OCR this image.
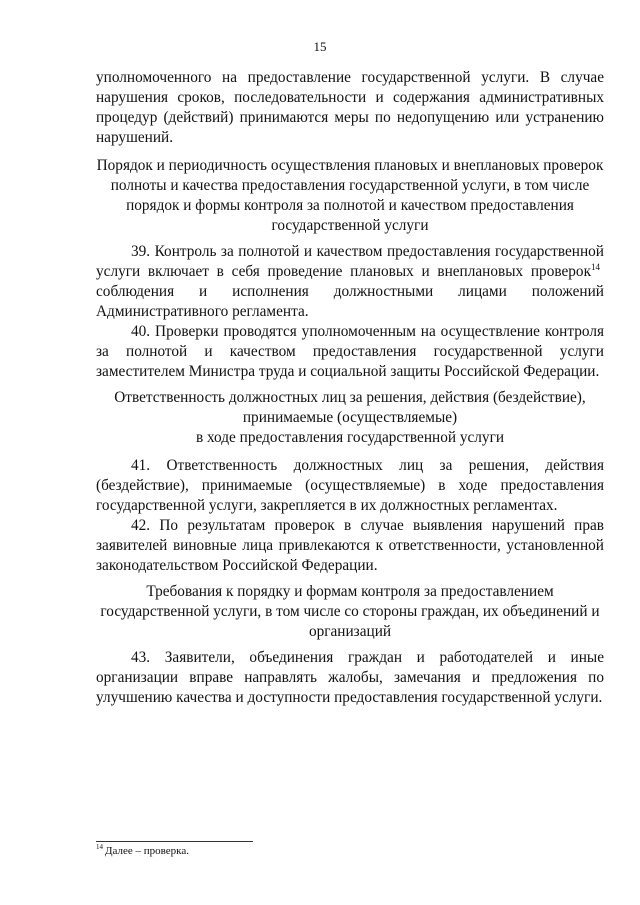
15
уполномоченного на предоставление государственной услуги. В случае
нарушения сроков, последовательности и содержания административных
процедур (действий) принимаются меры по недопущению или устранению
нарушений.
Порядок и периодичность осуществления плановых и внеплановых проверок
полноты и качества предоставления государственной услуги, в том числе
порядок и формы контроля за полнотой и качеством предоставления
государственной услуги
39. Контроль за полнотой и качеством предоставления государственной
услуги включает в себя проведение плановых и внеплановых проверок 14
соблюдения и исполнения должностными лицами положений
Административного регламента.
40. Проверки проводятся уполномоченным на осуществление контроля
за полнотой и качеством предоставления государственной услуги
заместителем Министра труда и социальной защиты Российской Федерации.
Ответственность должностных лиц за решения, действия (бездействие),
принимаемые (осуществляемые)
в ходе предоставления государственной услуги
41. Ответственность должностных лиц за решения, действия
(бездействие), принимаемые (осуществляемые) в ходе предоставления
государственной услуги, закрепляется в их должностных регламентах.
42. По результатам проверок в случае выявления нарушений прав
заявителей виновные лица привлекаются к ответственности, установленной
законодательством Российской Федерации.
Требования к порядку и формам контроля за предоставлением
государственной услуги, в том числе со стороны граждан, их объединений и
организаций
43. Заявители, объединения граждан и работодателей и иные
организации вправе направлять жалобы, замечания и предложения по
улучшению качества и доступности предоставления государственной услуги.
$^{14}$ Далее – проверка.
